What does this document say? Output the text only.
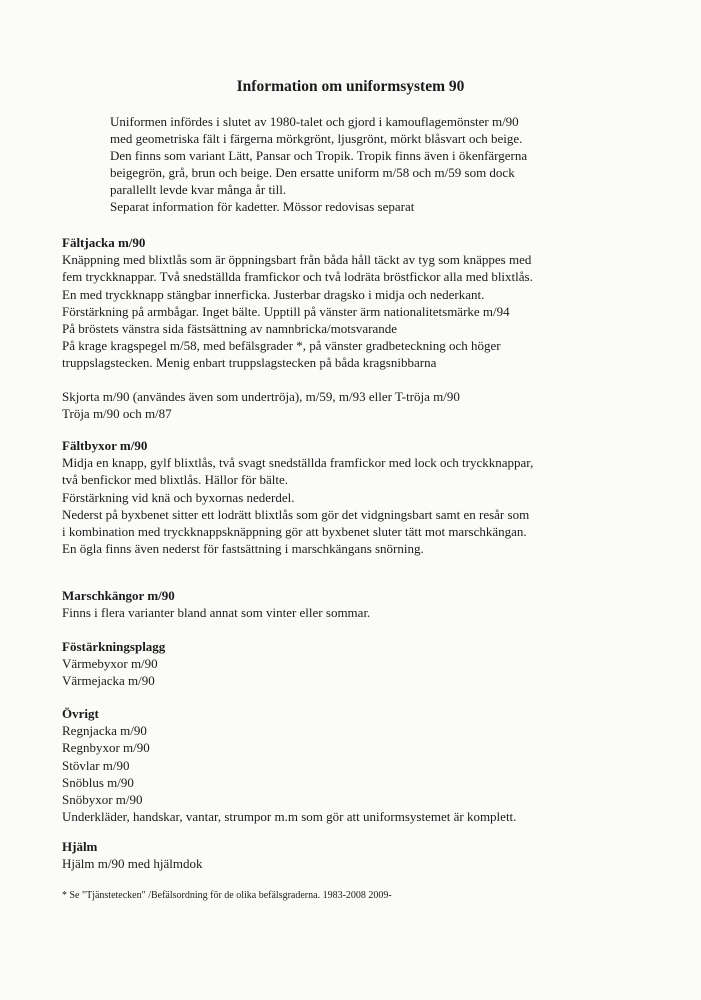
Information om uniformsystem 90
Uniformen infördes i slutet av 1980-talet och gjord i kamouflagemönster m/90
med geometriska fält i färgerna mörkgrönt, ljusgrönt, mörkt blåsvart och beige.
Den finns som variant Lätt, Pansar och Tropik. Tropik finns även i ökenfärgerna
beigegrön, grå, brun och beige. Den ersatte uniform m/58 och m/59 som dock
parallellt levde kvar många år till.
Separat information för kadetter. Mössor redovisas separat
Fältjacka m/90
Knäppning med blixtlås som är öppningsbart från båda håll täckt av tyg som knäppes med
fem tryckknappar. Två snedställda framfickor och två lodräta bröstfickor alla med blixtlås.
En med tryckknapp stängbar innerficka. Justerbar dragsko i midja och nederkant.
Förstärkning på armbågar. Inget bälte. Upptill på vänster ärm nationalitetsmärke m/94
På bröstets vänstra sida fästsättning av namnbricka/motsvarande
På krage kragspegel m/58, med befälsgrader *, på vänster gradbeteckning och höger
truppslagstecken. Menig enbart truppslagstecken på båda kragsnibbarna
Skjorta m/90 (användes även som undertröja), m/59, m/93 eller T-tröja m/90
Tröja m/90 och m/87
Fältbyxor m/90
Midja en knapp, gylf blixtlås, två svagt snedställda framfickor med lock och tryckknappar,
två benfickor med blixtlås. Hällor för bälte.
Förstärkning vid knä och byxornas nederdel.
Nederst på byxbenet sitter ett lodrätt blixtlås som gör det vidgningsbart samt en resår som
i kombination med tryckknappsknäppning gör att byxbenet sluter tätt mot marschkängan.
En ögla finns även nederst för fastsättning i marschkängans snörning.
Marschkängor m/90
Finns i flera varianter bland annat som vinter eller sommar.
Föstärkningsplagg
Värmebyxor m/90
Värmejacka m/90
Övrigt
Regnjacka m/90
Regnbyxor m/90
Stövlar m/90
Snöblus m/90
Snöbyxor m/90
Underkläder, handskar, vantar, strumpor m.m som gör att uniformsystemet är komplett.
Hjälm
Hjälm m/90 med hjälmdok
* Se "Tjänstetecken" /Befälsordning för de olika befälsgraderna. 1983-2008 2009-
